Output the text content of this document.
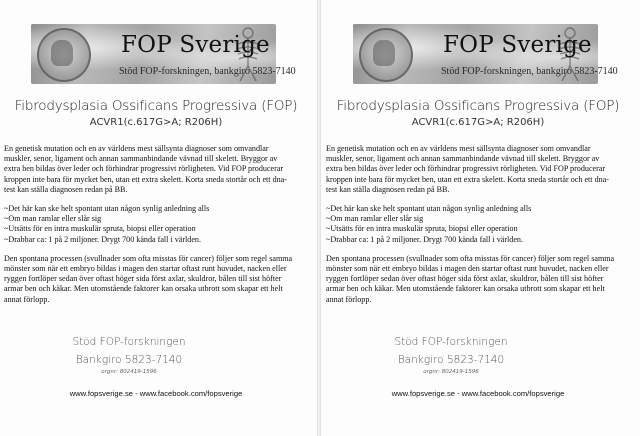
FOP Sverige
Stöd FOP-forskningen, bankgiro 5823-7140
Fibrodysplasia Ossificans Progressiva (FOP)
ACVR1(c.617G>A; R206H)

En genetisk mutation och en av världens mest sällsynta diagnoser som omvandlar muskler, senor, ligament och annan sammanbindande vävnad till skelett. Bryggor av extra ben bildas över leder och förhindrar progressivt rörligheten. Vid FOP producerar kroppen inte bara för mycket ben, utan ett extra skelett. Korta sneda stortår och ett dna-test kan ställa diagnosen redan på BB.

~Det här kan ske helt spontant utan någon synlig anledning alls
~Om man ramlar eller slår sig
~Utsätts för en intra muskulär spruta, biopsi eller operation
~Drabbar ca: 1 på 2 miljoner. Drygt 700 kända fall i världen.

Den spontana processen (svullnader som ofta misstas för cancer) följer som regel samma mönster som när ett embryo bildas i magen den startar oftast runt huvudet, nacken eller ryggen fortlöper sedan över oftast höger sida först axlar, skuldror, bålen till sist höfter armar ben och käkar. Men utomstående faktorer kan orsaka utbrott som skapar ett helt annat förlopp.

Stöd FOP-forskningen
Bankgiro 5823-7140
orgnr: 802419-1596
www.fopsverige.se - www.facebook.com/fopsverige
FOP Sverige
Stöd FOP-forskningen, bankgiro 5823-7140
Fibrodysplasia Ossificans Progressiva (FOP)
ACVR1(c.617G>A; R206H)

En genetisk mutation och en av världens mest sällsynta diagnoser som omvandlar muskler, senor, ligament och annan sammanbindande vävnad till skelett. Bryggor av extra ben bildas över leder och förhindrar progressivt rörligheten. Vid FOP producerar kroppen inte bara för mycket ben, utan ett extra skelett. Korta sneda stortår och ett dna-test kan ställa diagnosen redan på BB.

~Det här kan ske helt spontant utan någon synlig anledning alls
~Om man ramlar eller slår sig
~Utsätts för en intra muskulär spruta, biopsi eller operation
~Drabbar ca: 1 på 2 miljoner. Drygt 700 kända fall i världen.

Den spontana processen (svullnader som ofta misstas för cancer) följer som regel samma mönster som när ett embryo bildas i magen den startar oftast runt huvudet, nacken eller ryggen fortlöper sedan över oftast höger sida först axlar, skuldror, bålen till sist höfter armar ben och käkar. Men utomstående faktorer kan orsaka utbrott som skapar ett helt annat förlopp.

Stöd FOP-forskningen
Bankgiro 5823-7140
orgnr: 802419-1596
www.fopsverige.se - www.facebook.com/fopsverige
